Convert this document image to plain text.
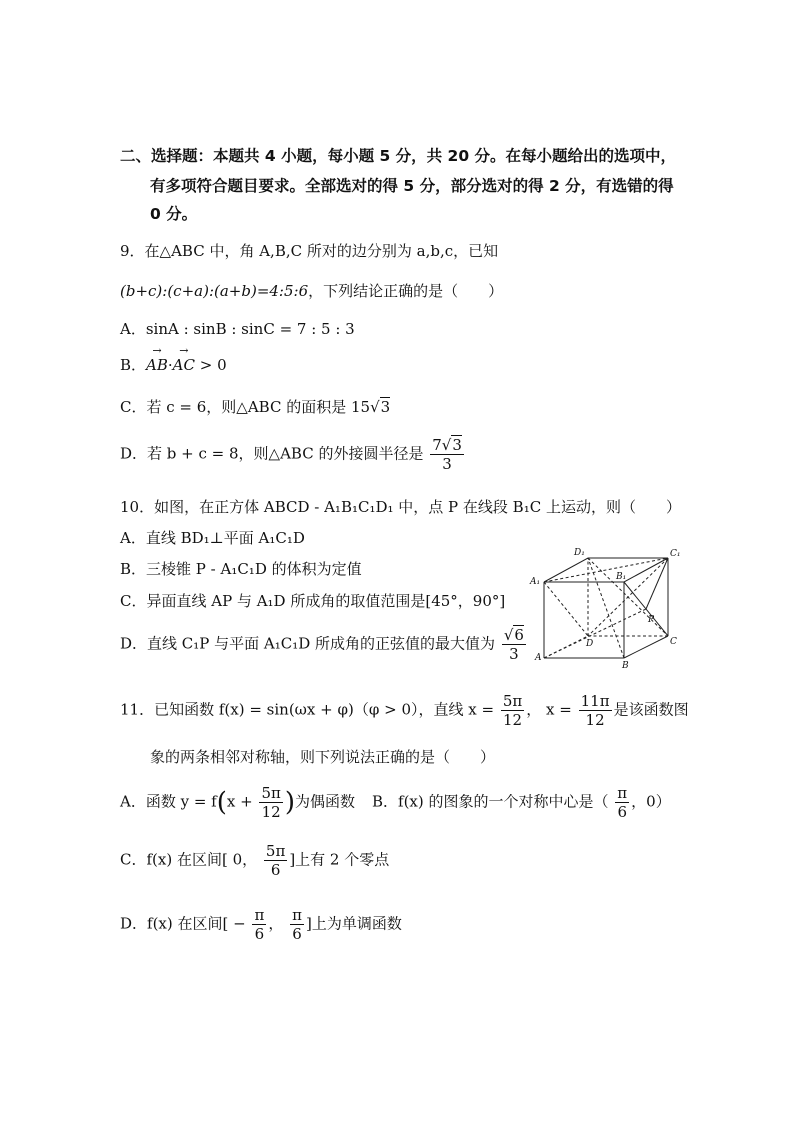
二、选择题：本题共 4 小题，每小题 5 分，共 20 分。在每小题给出的选项中，
有多项符合题目要求。全部选对的得 5 分，部分选对的得 2 分，有选错的得
0 分。
9．在△ABC 中，角 A,B,C 所对的边分别为 a,b,c，已知
(b+c):(c+a):(a+b)=4:5:6，下列结论正确的是（　　）
A．sinA : sinB : sinC = 7 : 5 : 3
B．→ AB·→ AC > 0
C．若 c = 6，则△ABC 的面积是 15√3
D．若 b + c = 8，则△ABC 的外接圆半径是 $\frac{7√3}{3}$
10．如图，在正方体 ABCD - A₁B₁C₁D₁ 中，点 P 在线段 B₁C 上运动，则（　　）
A．直线 BD₁⊥平面 A₁C₁D
B．三棱锥 P - A₁C₁D 的体积为定值
C．异面直线 AP 与 A₁D 所成角的取值范围是[45°，90°]
D．直线 C₁P 与平面 A₁C₁D 所成角的正弦值的最大值为 $\frac{√6}{3}$
D₁	C₁
A₁	B₁
P
D	C
A
B
11．已知函数 f(x) = sin(ωx + φ)（φ > 0），直线 $x = \frac{5\pi}{12}$ ， $x = \frac{11\pi}{12}$ 是该函数图
象的两条相邻对称轴，则下列说法正确的是（　　）
A．函数 $y = f(x + \frac{5\pi}{12}$ )为偶函数 B．f(x) 的图象的一个对称中心是（ $\frac{\pi}{6}$ ，0）
C．f(x) 在区间[ 0， $\frac{5\pi}{6}$ ]上有 2 个零点
D．f(x) 在区间[ − $\frac{\pi}{6}$ ， $\frac{\pi}{6}$ ]上为单调函数
